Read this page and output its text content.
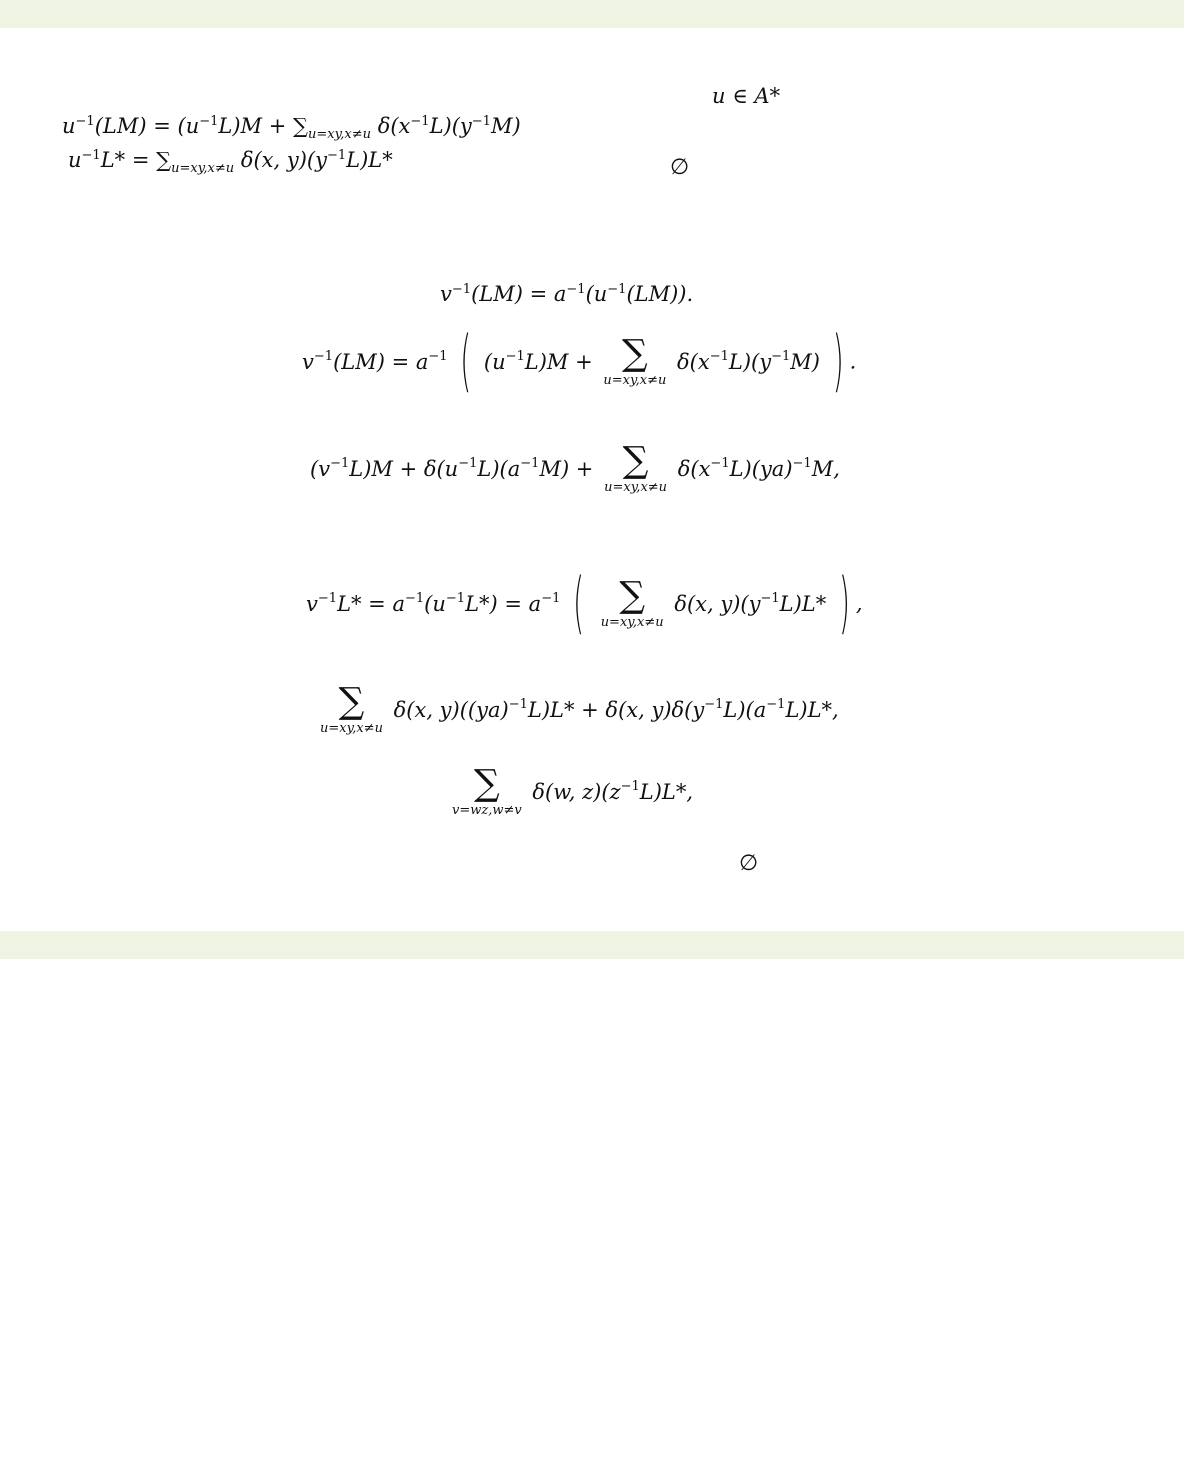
u ∈ A*
$u^{-1}(LM) = (u^{-1}L)M + \sum_{u=xy,x\ne u}$ $\delta(x^{-1}L)(y^{-1}M)$
$u^{-1}L* = \sum_{u=xy,x\ne u}$ δ(x, $y)(y^{-1}L)L*$	∅
$v^{-1}(LM) = a^{-1}(u^{-1}(LM))$.
$v^{-1}(LM) = a^{-1}$ ( $(u^{-1}L)M$ + ∑
u=xy,x≠u
$\delta(x^{-1}L)(y^{-1}M)$ ) .
$(v^{-1}L)M + \delta(u^{-1}L)(a^{-1}M)$ + ∑
u=xy,x≠u
$\delta(x^{-1}L)(ya)^{-1}M$,
$v^{-1}L* = a^{-1}(u^{-1}L*) = a^{-1}$ ( ∑
u=xy,x≠u
δ(x, $y)(y^{-1}L)L*$ ) ,
∑
u=xy,x≠u
δ(x, y)((ya)$^{-1}$L)L* + δ(x, $y)\delta(y^{-1}L)(a^{-1}L)L*$,
∑
v=wz,w≠v
δ(w, $z)(z^{-1}L)L*$,
∅
